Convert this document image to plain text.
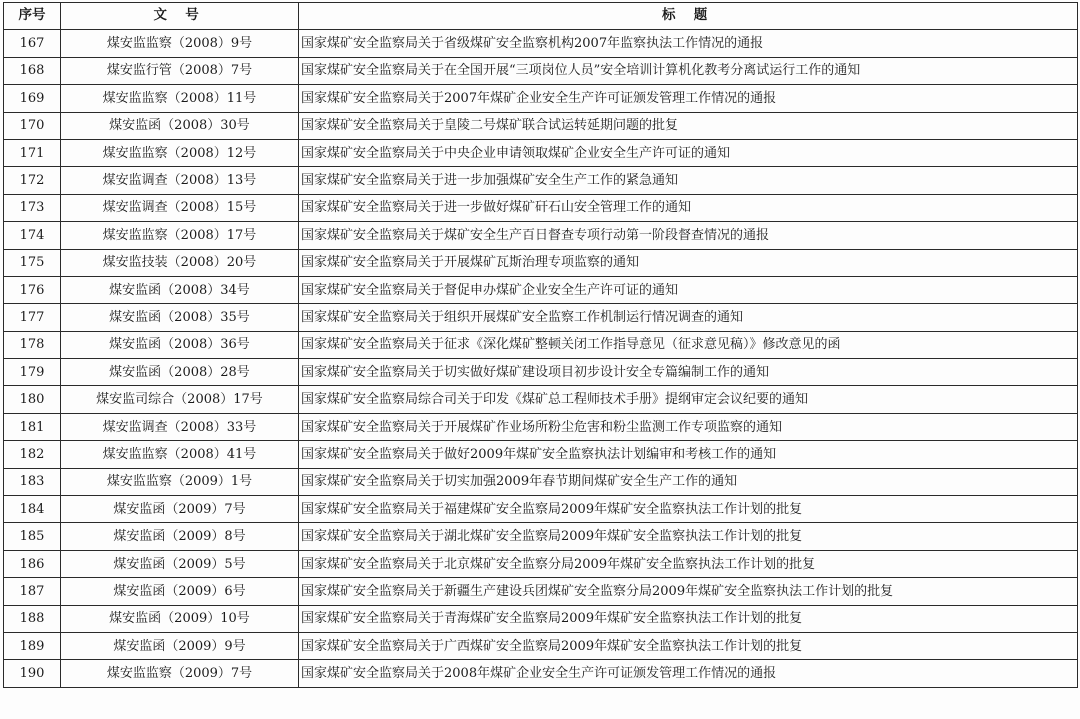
序号	文 号	标 题
167	煤安监监察（2008）9号	国家煤矿安全监察局关于省级煤矿安全监察机构2007年监察执法工作情况的通报
168	煤安监行管（2008）7号	国家煤矿安全监察局关于在全国开展“三项岗位人员”安全培训计算机化教考分离试运行工作的通知
169	煤安监监察（2008）11号	国家煤矿安全监察局关于2007年煤矿企业安全生产许可证颁发管理工作情况的通报
170	煤安监函（2008）30号	国家煤矿安全监察局关于皇陵二号煤矿联合试运转延期问题的批复
171	煤安监监察（2008）12号	国家煤矿安全监察局关于中央企业申请领取煤矿企业安全生产许可证的通知
172	煤安监调查（2008）13号	国家煤矿安全监察局关于进一步加强煤矿安全生产工作的紧急通知
173	煤安监调查（2008）15号	国家煤矿安全监察局关于进一步做好煤矿矸石山安全管理工作的通知
174	煤安监监察（2008）17号	国家煤矿安全监察局关于煤矿安全生产百日督查专项行动第一阶段督查情况的通报
175	煤安监技装（2008）20号	国家煤矿安全监察局关于开展煤矿瓦斯治理专项监察的通知
176	煤安监函（2008）34号	国家煤矿安全监察局关于督促申办煤矿企业安全生产许可证的通知
177	煤安监函（2008）35号	国家煤矿安全监察局关于组织开展煤矿安全监察工作机制运行情况调查的通知
178	煤安监函（2008）36号	国家煤矿安全监察局关于征求《深化煤矿整顿关闭工作指导意见（征求意见稿）》修改意见的函
179	煤安监函（2008）28号	国家煤矿安全监察局关于切实做好煤矿建设项目初步设计安全专篇编制工作的通知
180	煤安监司综合（2008）17号	国家煤矿安全监察局综合司关于印发《煤矿总工程师技术手册》提纲审定会议纪要的通知
181	煤安监调查（2008）33号	国家煤矿安全监察局关于开展煤矿作业场所粉尘危害和粉尘监测工作专项监察的通知
182	煤安监监察（2008）41号	国家煤矿安全监察局关于做好2009年煤矿安全监察执法计划编审和考核工作的通知
183	煤安监监察（2009）1号	国家煤矿安全监察局关于切实加强2009年春节期间煤矿安全生产工作的通知
184	煤安监函（2009）7号	国家煤矿安全监察局关于福建煤矿安全监察局2009年煤矿安全监察执法工作计划的批复
185	煤安监函（2009）8号	国家煤矿安全监察局关于湖北煤矿安全监察局2009年煤矿安全监察执法工作计划的批复
186	煤安监函（2009）5号	国家煤矿安全监察局关于北京煤矿安全监察分局2009年煤矿安全监察执法工作计划的批复
187	煤安监函（2009）6号	国家煤矿安全监察局关于新疆生产建设兵团煤矿安全监察分局2009年煤矿安全监察执法工作计划的批复
188	煤安监函（2009）10号	国家煤矿安全监察局关于青海煤矿安全监察局2009年煤矿安全监察执法工作计划的批复
189	煤安监函（2009）9号	国家煤矿安全监察局关于广西煤矿安全监察局2009年煤矿安全监察执法工作计划的批复
190	煤安监监察（2009）7号	国家煤矿安全监察局关于2008年煤矿企业安全生产许可证颁发管理工作情况的通报
